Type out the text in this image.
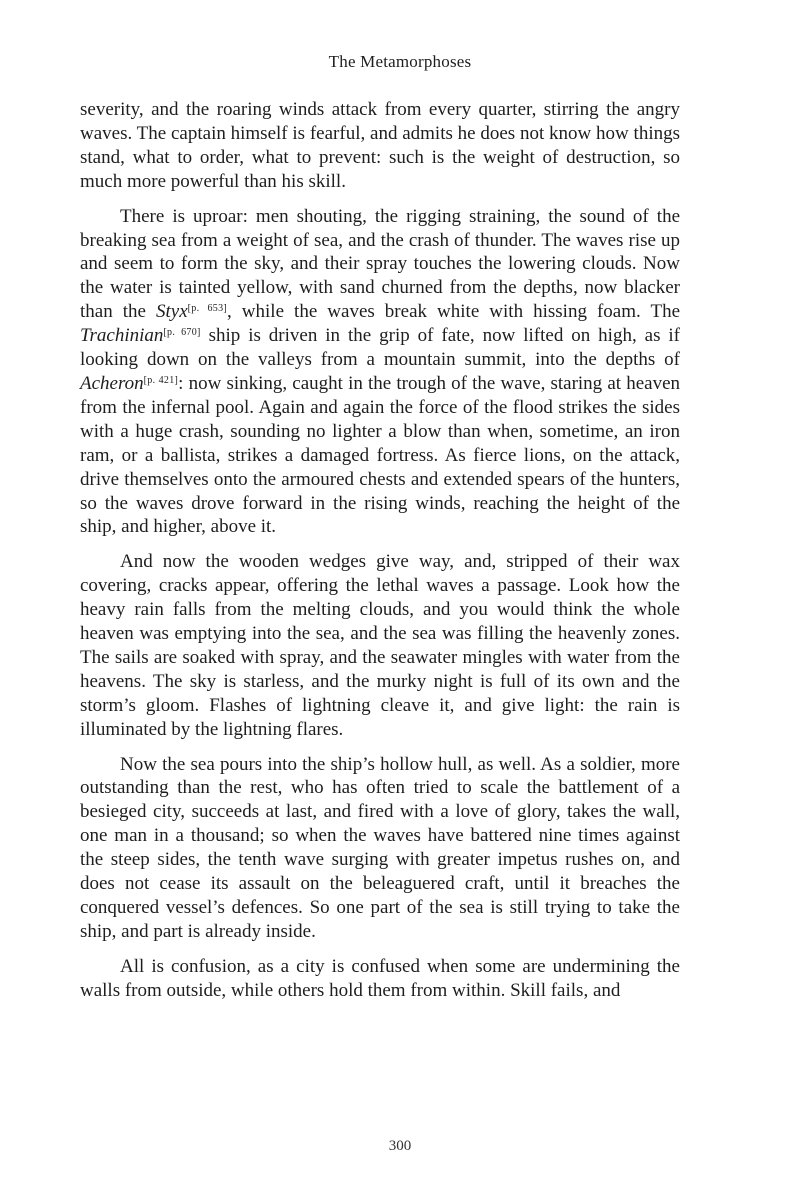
The Metamorphoses

severity, and the roaring winds attack from every quarter, stirring the angry waves. The captain himself is fearful, and admits he does not know how things stand, what to order, what to prevent: such is the weight of destruction, so much more powerful than his skill.

There is uproar: men shouting, the rigging straining, the sound of the breaking sea from a weight of sea, and the crash of thunder. The waves rise up and seem to form the sky, and their spray touches the lowering clouds. Now the water is tainted yellow, with sand churned from the depths, now blacker than the Styx[p. 653], while the waves break white with hissing foam. The Trachinian[p. 670] ship is driven in the grip of fate, now lifted on high, as if looking down on the valleys from a mountain summit, into the depths of Acheron[p. 421]: now sinking, caught in the trough of the wave, staring at heaven from the infernal pool. Again and again the force of the flood strikes the sides with a huge crash, sounding no lighter a blow than when, sometime, an iron ram, or a ballista, strikes a damaged fortress. As fierce lions, on the attack, drive themselves onto the armoured chests and extended spears of the hunters, so the waves drove forward in the rising winds, reaching the height of the ship, and higher, above it.

And now the wooden wedges give way, and, stripped of their wax covering, cracks appear, offering the lethal waves a passage. Look how the heavy rain falls from the melting clouds, and you would think the whole heaven was emptying into the sea, and the sea was filling the heavenly zones. The sails are soaked with spray, and the seawater mingles with water from the heavens. The sky is starless, and the murky night is full of its own and the storm’s gloom. Flashes of lightning cleave it, and give light: the rain is illuminated by the lightning flares.

Now the sea pours into the ship’s hollow hull, as well. As a soldier, more outstanding than the rest, who has often tried to scale the battlement of a besieged city, succeeds at last, and fired with a love of glory, takes the wall, one man in a thousand; so when the waves have battered nine times against the steep sides, the tenth wave surging with greater impetus rushes on, and does not cease its assault on the beleaguered craft, until it breaches the conquered vessel’s defences. So one part of the sea is still trying to take the ship, and part is already inside.

All is confusion, as a city is confused when some are undermining the walls from outside, while others hold them from within. Skill fails, and

300
